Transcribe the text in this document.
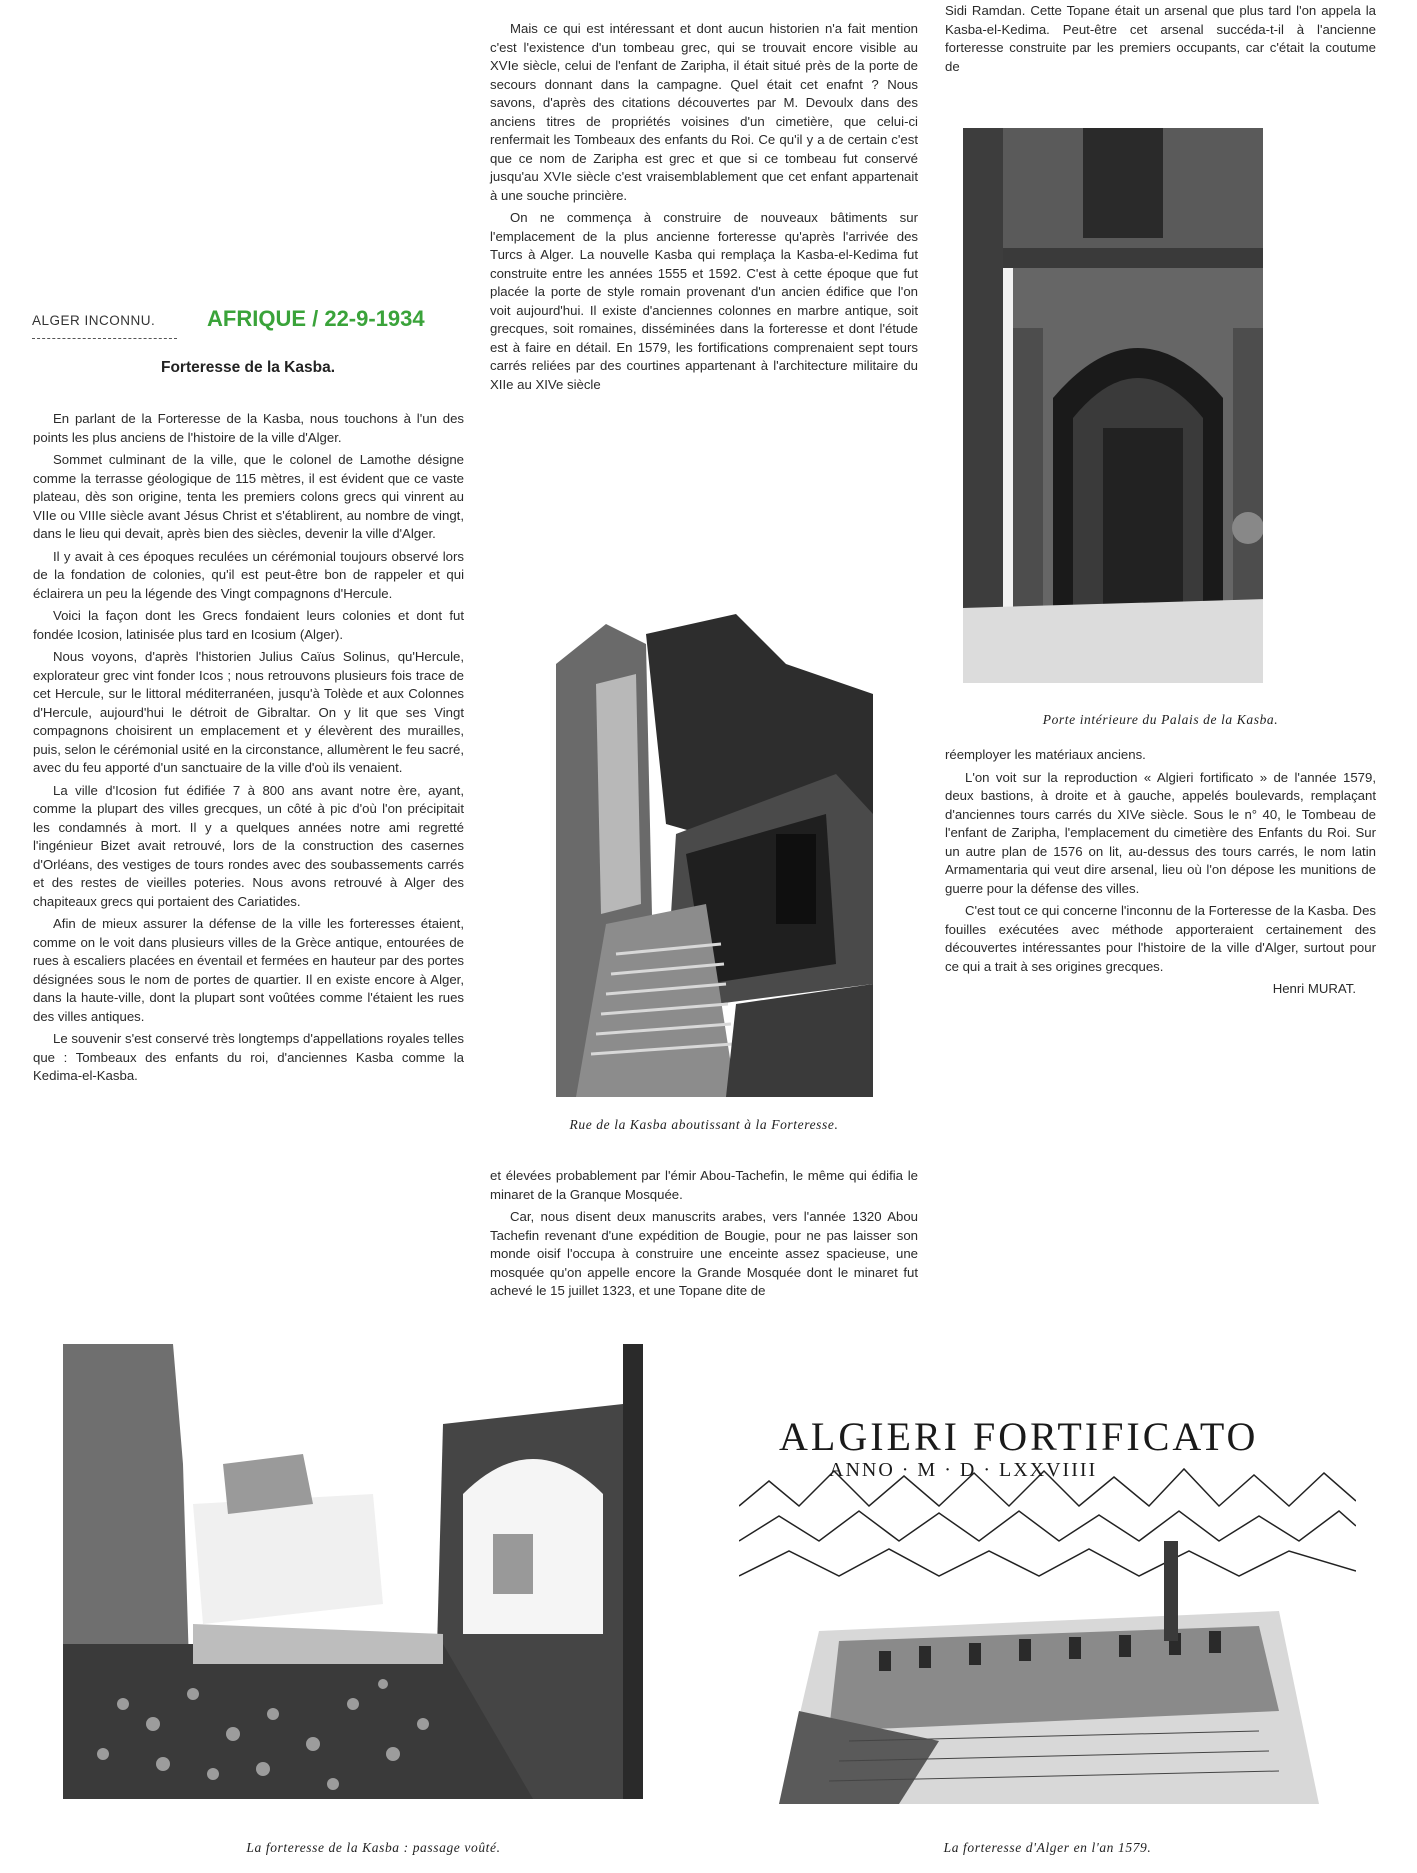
ALGER INCONNU. AFRIQUE / 22-9-1934
Forteresse de la Kasba.

En parlant de la Forteresse de la Kasba, nous touchons à l'un des points les plus anciens de l'histoire de la ville d'Alger.

Sommet culminant de la ville, que le colonel de Lamothe désigne comme la terrasse géologique de 115 mètres, il est évident que ce vaste plateau, dès son origine, tenta les premiers colons grecs qui vinrent au VIIe ou VIIIe siècle avant Jésus Christ et s'établirent, au nombre de vingt, dans le lieu qui devait, après bien des siècles, devenir la ville d'Alger.

Il y avait à ces époques reculées un cérémonial toujours observé lors de la fondation de colonies, qu'il est peut-être bon de rappeler et qui éclairera un peu la légende des Vingt compagnons d'Hercule.

Voici la façon dont les Grecs fondaient leurs colonies et dont fut fondée Icosion, latinisée plus tard en Icosium (Alger).

Nous voyons, d'après l'historien Julius Caïus Solinus, qu'Hercule, explorateur grec vint fonder Icos ; nous retrouvons plusieurs fois trace de cet Hercule, sur le littoral méditerranéen, jusqu'à Tolède et aux Colonnes d'Hercule, aujourd'hui le détroit de Gibraltar. On y lit que ses Vingt compagnons choisirent un emplacement et y élevèrent des murailles, puis, selon le cérémonial usité en la circonstance, allumèrent le feu sacré, avec du feu apporté d'un sanctuaire de la ville d'où ils venaient.

La ville d'Icosion fut édifiée 7 à 800 ans avant notre ère, ayant, comme la plupart des villes grecques, un côté à pic d'où l'on précipitait les condamnés à mort. Il y a quelques années notre ami regretté l'ingénieur Bizet avait retrouvé, lors de la construction des casernes d'Orléans, des vestiges de tours rondes avec des soubassements carrés et des restes de vieilles poteries. Nous avons retrouvé à Alger des chapiteaux grecs qui portaient des Cariatides.

Afin de mieux assurer la défense de la ville les forteresses étaient, comme on le voit dans plusieurs villes de la Grèce antique, entourées de rues à escaliers placées en éventail et fermées en hauteur par des portes désignées sous le nom de portes de quartier. Il en existe encore à Alger, dans la haute-ville, dont la plupart sont voûtées comme l'étaient les rues des villes antiques.

Le souvenir s'est conservé très longtemps d'appellations royales telles que : Tombeaux des enfants du roi, d'anciennes Kasba comme la Kedima-el-Kasba.

Mais ce qui est intéressant et dont aucun historien n'a fait mention c'est l'existence d'un tombeau grec, qui se trouvait encore visible au XVIe siècle, celui de l'enfant de Zaripha, il était situé près de la porte de secours donnant dans la campagne. Quel était cet enafnt ? Nous savons, d'après des citations découvertes par M. Devoulx dans des anciens titres de propriétés voisines d'un cimetière, que celui-ci renfermait les Tombeaux des enfants du Roi. Ce qu'il y a de certain c'est que ce nom de Zaripha est grec et que si ce tombeau fut conservé jusqu'au XVIe siècle c'est vraisemblablement que cet enfant appartenait à une souche princière.

On ne commença à construire de nouveaux bâtiments sur l'emplacement de la plus ancienne forteresse qu'après l'arrivée des Turcs à Alger. La nouvelle Kasba qui remplaça la Kasba-el-Kedima fut construite entre les années 1555 et 1592. C'est à cette époque que fut placée la porte de style romain provenant d'un ancien édifice que l'on voit aujourd'hui. Il existe d'anciennes colonnes en marbre antique, soit grecques, soit romaines, disséminées dans la forteresse et dont l'étude est à faire en détail. En 1579, les fortifications comprenaient sept tours carrés reliées par des courtines appartenant à l'architecture militaire du XIIe au XIVe siècle

Rue de la Kasba aboutissant à la Forteresse.

et élevées probablement par l'émir Abou-Tachefin, le même qui édifia le minaret de la Granque Mosquée.

Car, nous disent deux manuscrits arabes, vers l'année 1320 Abou Tachefin revenant d'une expédition de Bougie, pour ne pas laisser son monde oisif l'occupa à construire une enceinte assez spacieuse, une mosquée qu'on appelle encore la Grande Mosquée dont le minaret fut achevé le 15 juillet 1323, et une Topane dite de

Sidi Ramdan. Cette Topane était un arsenal que plus tard l'on appela la Kasba-el-Kedima. Peut-être cet arsenal succéda-t-il à l'ancienne forteresse construite par les premiers occupants, car c'était la coutume de

Porte intérieure du Palais de la Kasba.

réemployer les matériaux anciens.

L'on voit sur la reproduction « Algieri fortificato » de l'année 1579, deux bastions, à droite et à gauche, appelés boulevards, remplaçant d'anciennes tours carrés du XIVe siècle. Sous le n° 40, le Tombeau de l'enfant de Zaripha, l'emplacement du cimetière des Enfants du Roi. Sur un autre plan de 1576 on lit, au-dessus des tours carrés, le nom latin Armamentaria qui veut dire arsenal, lieu où l'on dépose les munitions de guerre pour la défense des villes.

C'est tout ce qui concerne l'inconnu de la Forteresse de la Kasba. Des fouilles exécutées avec méthode apporteraient certainement des découvertes intéressantes pour l'histoire de la ville d'Alger, surtout pour ce qui a trait à ses origines grecques.

Henri MURAT.

La forteresse de la Kasba : passage voûté.
ALGIERI FORTIFICATO
ANNO · M · D · LXXVIIII
La forteresse d'Alger en l'an 1579.
